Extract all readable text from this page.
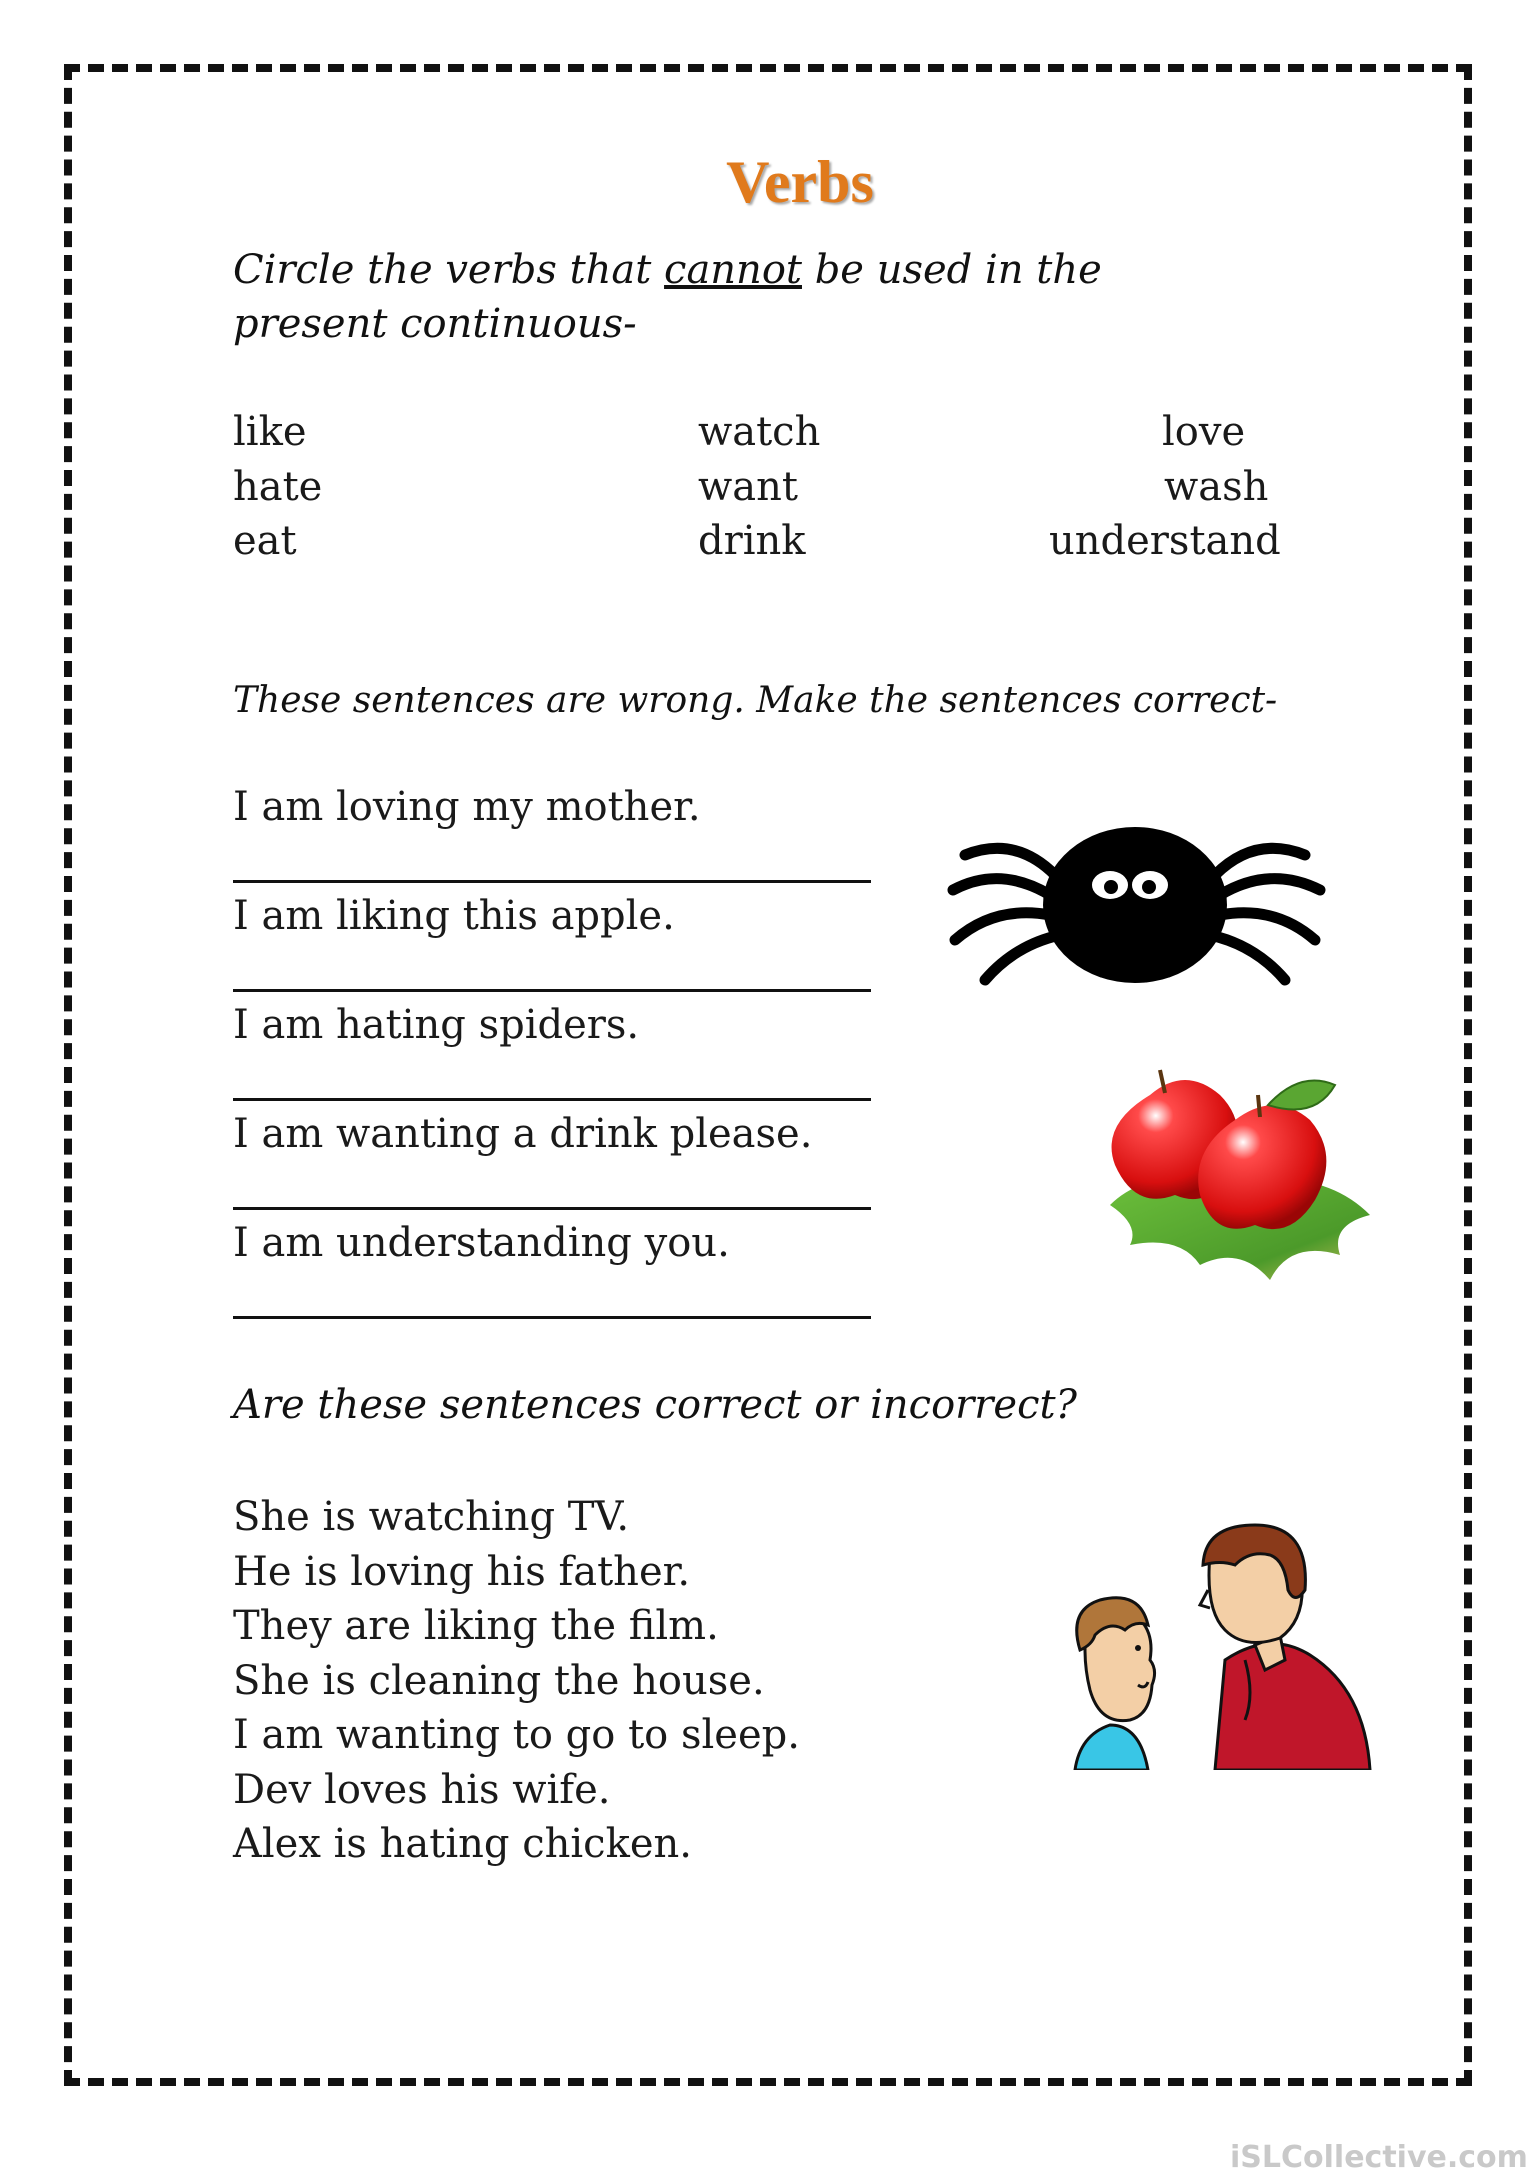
Verbs
Circle the verbs that cannot be used in the present continuous-
like
hate
eat
watch
want
drink
love
wash
understand
These sentences are wrong. Make the sentences correct-
I am loving my mother.
I am liking this apple.
I am hating spiders.
I am wanting a drink please.
I am understanding you.
Are these sentences correct or incorrect?
She is watching TV.
He is loving his father.
They are liking the film.
She is cleaning the house.
I am wanting to go to sleep.
Dev loves his wife.
Alex is hating chicken.
iSLCollective.com
